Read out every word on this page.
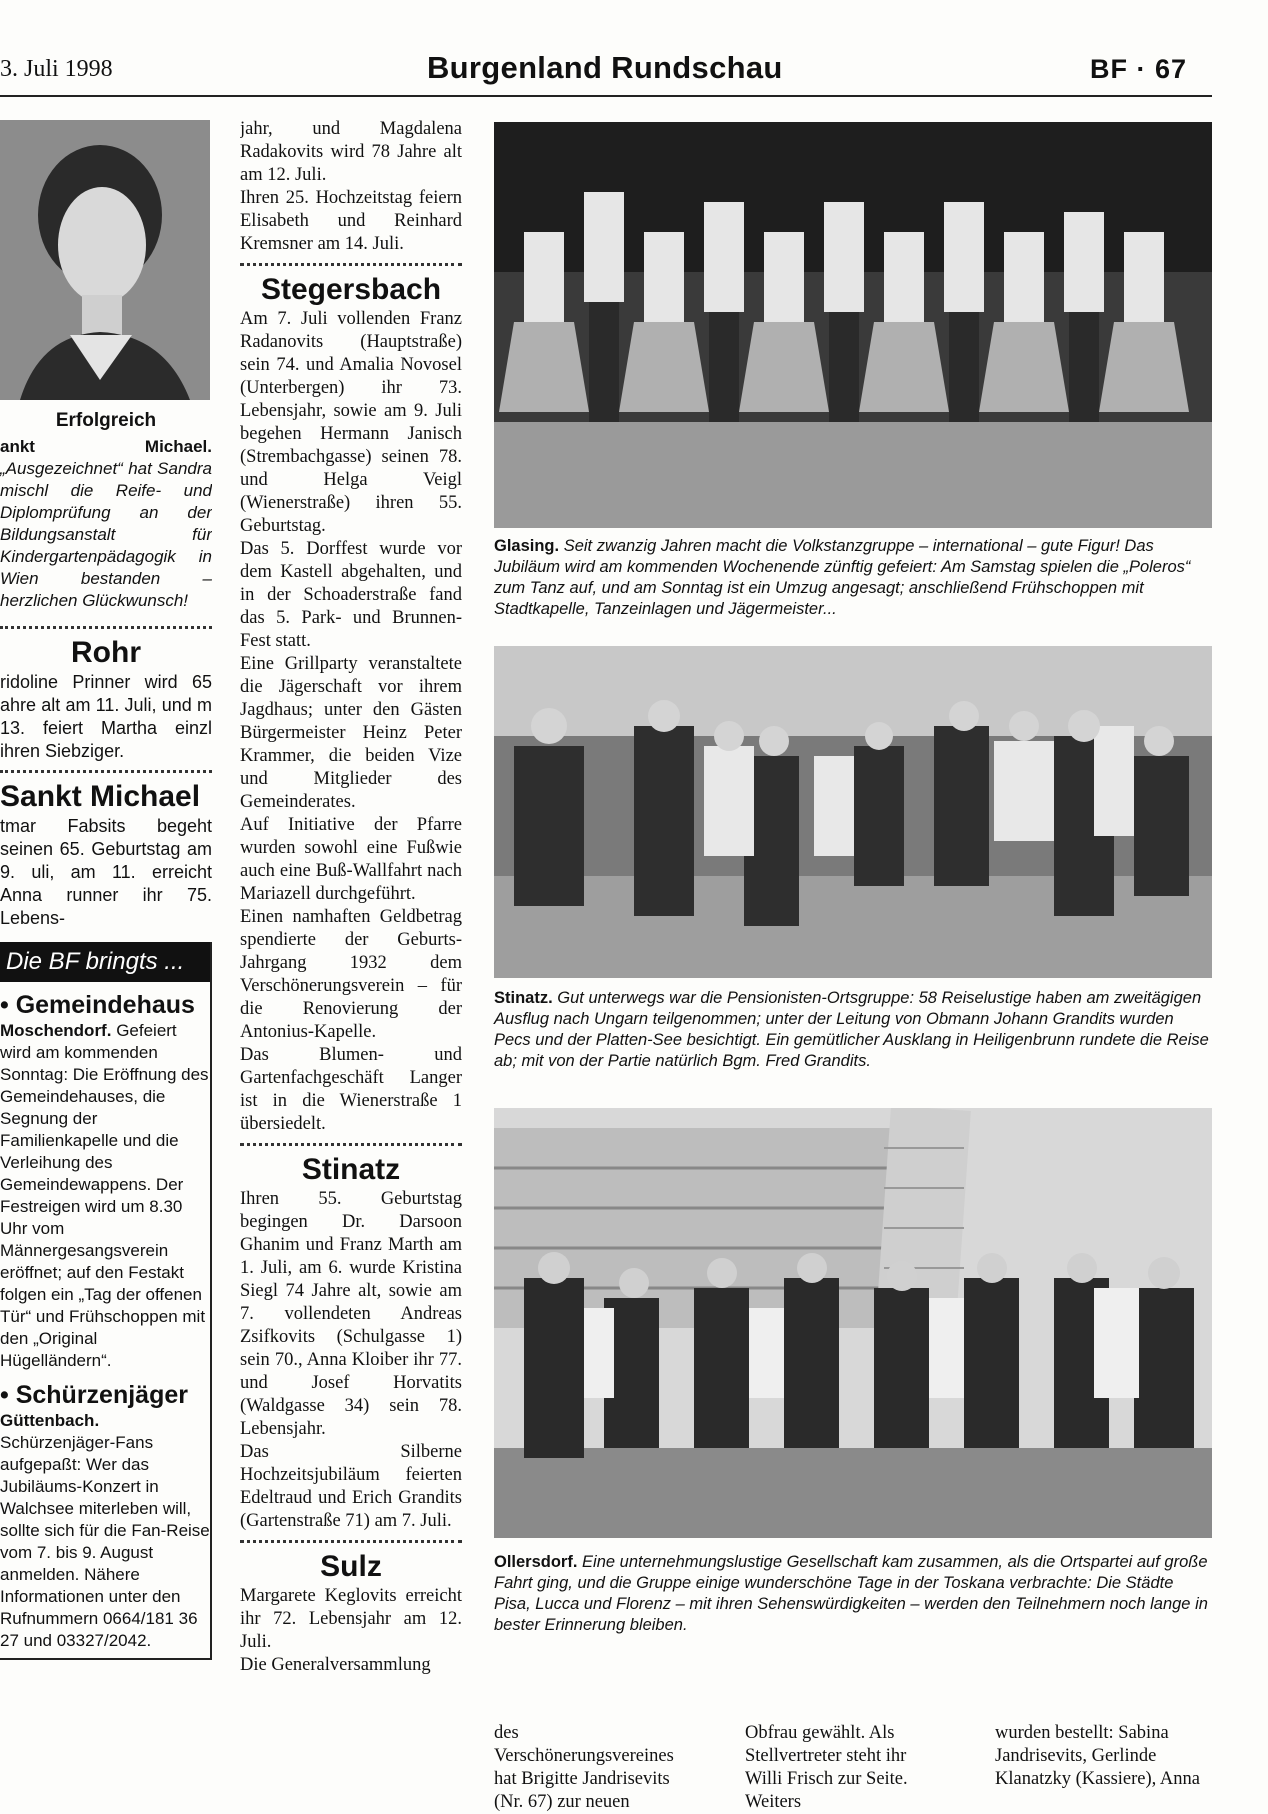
3. Juli 1998	Burgenland Rundschau	BF · 67
Erfolgreich
ankt Michael. „Ausgezeichnet“ hat Sandra mischl die Reife- und Diplomprüfung an der Bildungsanstalt für Kindergartenpädagogik in Wien bestanden – herzlichen Glückwunsch!
Rohr
ridoline Prinner wird 65 ahre alt am 11. Juli, und m 13. feiert Martha einzl ihren Siebziger.
Sankt Michael
tmar Fabsits begeht seinen 65. Geburtstag am 9. uli, am 11. erreicht Anna runner ihr 75. Lebens-
Die BF bringts ...
• Gemeindehaus
Moschendorf. Gefeiert wird am kommenden Sonntag: Die Eröffnung des Gemeindehauses, die Segnung der Familienkapelle und die Verleihung des Gemeindewappens. Der Festreigen wird um 8.30 Uhr vom Männergesangsverein eröffnet; auf den Festakt folgen ein „Tag der offenen Tür“ und Frühschoppen mit den „Original Hügelländern“.
• Schürzenjäger
Güttenbach. Schürzenjäger-Fans aufgepaßt: Wer das Jubiläums-Konzert in Walchsee miterleben will, sollte sich für die Fan-Reise vom 7. bis 9. August anmelden. Nähere Informationen unter den Rufnummern 0664/181 36 27 und 03327/2042.
jahr, und Magdalena Radakovits wird 78 Jahre alt am 12. Juli.
Ihren 25. Hochzeitstag feiern Elisabeth und Reinhard Kremsner am 14. Juli.
Stegersbach
Am 7. Juli vollenden Franz Radanovits (Hauptstraße) sein 74. und Amalia Novosel (Unterbergen) ihr 73. Lebensjahr, sowie am 9. Juli begehen Hermann Janisch (Strembachgasse) seinen 78. und Helga Veigl (Wienerstraße) ihren 55. Geburtstag.
Das 5. Dorffest wurde vor dem Kastell abgehalten, und in der Schoaderstraße fand das 5. Park- und Brunnen-Fest statt.
Eine Grillparty veranstaltete die Jägerschaft vor ihrem Jagdhaus; unter den Gästen Bürgermeister Heinz Peter Krammer, die beiden Vize und Mitglieder des Gemeinderates.
Auf Initiative der Pfarre wurden sowohl eine Fußwie auch eine Buß-Wallfahrt nach Mariazell durchgeführt.
Einen namhaften Geldbetrag spendierte der Geburts-Jahrgang 1932 dem Verschönerungsverein – für die Renovierung der Antonius-Kapelle.
Das Blumen- und Gartenfachgeschäft Langer ist in die Wienerstraße 1 übersiedelt.
Stinatz
Ihren 55. Geburtstag begingen Dr. Darsoon Ghanim und Franz Marth am 1. Juli, am 6. wurde Kristina Siegl 74 Jahre alt, sowie am 7. vollendeten Andreas Zsifkovits (Schulgasse 1) sein 70., Anna Kloiber ihr 77. und Josef Horvatits (Waldgasse 34) sein 78. Lebensjahr.
Das Silberne Hochzeitsjubiläum feierten Edeltraud und Erich Grandits (Gartenstraße 71) am 7. Juli.
Sulz
Margarete Keglovits erreicht ihr 72. Lebensjahr am 12. Juli.
Die Generalversammlung
Glasing. Seit zwanzig Jahren macht die Volkstanzgruppe – international – gute Figur! Das Jubiläum wird am kommenden Wochenende zünftig gefeiert: Am Samstag spielen die „Poleros“ zum Tanz auf, und am Sonntag ist ein Umzug angesagt; anschließend Frühschoppen mit Stadtkapelle, Tanzeinlagen und Jägermeister...
Stinatz. Gut unterwegs war die Pensionisten-Ortsgruppe: 58 Reiselustige haben am zweitägigen Ausflug nach Ungarn teilgenommen; unter der Leitung von Obmann Johann Grandits wurden Pecs und der Platten-See besichtigt. Ein gemütlicher Ausklang in Heiligenbrunn rundete die Reise ab; mit von der Partie natürlich Bgm. Fred Grandits.
Ollersdorf. Eine unternehmungslustige Gesellschaft kam zusammen, als die Ortspartei auf große Fahrt ging, und die Gruppe einige wunderschöne Tage in der Toskana verbrachte: Die Städte Pisa, Lucca und Florenz – mit ihren Sehenswürdigkeiten – werden den Teilnehmern noch lange in bester Erinnerung bleiben.
des Verschönerungsvereines hat Brigitte Jandrisevits (Nr. 67) zur neuen
Obfrau gewählt. Als Stellvertreter steht ihr Willi Frisch zur Seite. Weiters
wurden bestellt: Sabina Jandrisevits, Gerlinde Klanatzky (Kassiere), Anna
